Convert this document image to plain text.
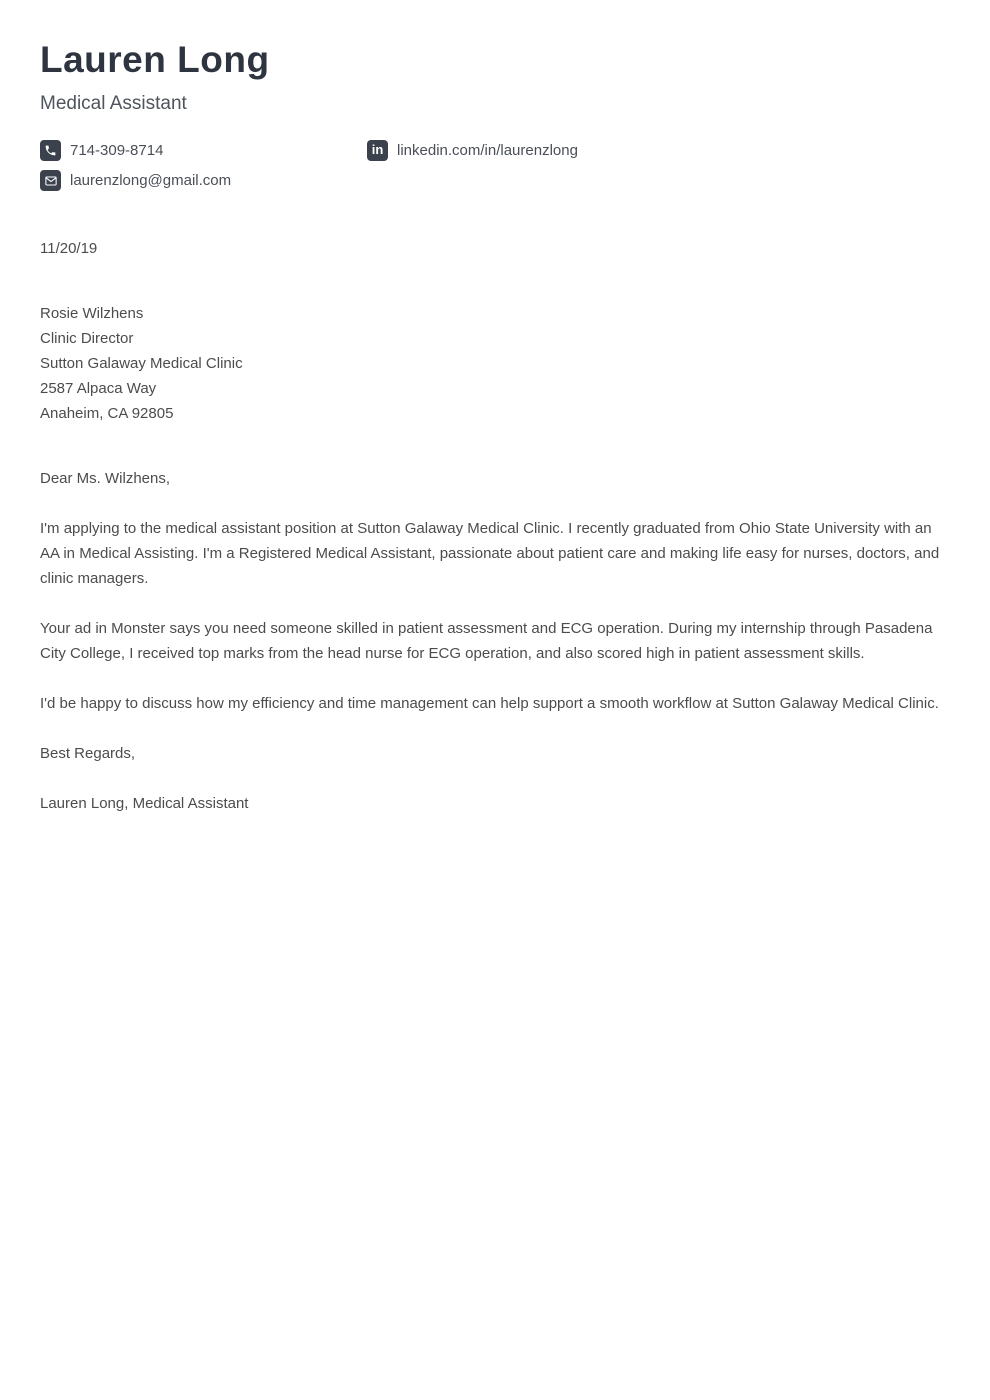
Lauren Long
Medical Assistant
714-309-8714	in linkedin.com/in/laurenzlong
laurenzlong@gmail.com
11/20/19
Rosie Wilzhens
Clinic Director
Sutton Galaway Medical Clinic
2587 Alpaca Way
Anaheim, CA 92805
Dear Ms. Wilzhens,

I'm applying to the medical assistant position at Sutton Galaway Medical Clinic. I recently graduated from Ohio State University with an AA in Medical Assisting. I'm a Registered Medical Assistant, passionate about patient care and making life easy for nurses, doctors, and clinic managers.

Your ad in Monster says you need someone skilled in patient assessment and ECG operation. During my internship through Pasadena City College, I received top marks from the head nurse for ECG operation, and also scored high in patient assessment skills.

I'd be happy to discuss how my efficiency and time management can help support a smooth workflow at Sutton Galaway Medical Clinic.

Best Regards,

Lauren Long, Medical Assistant
